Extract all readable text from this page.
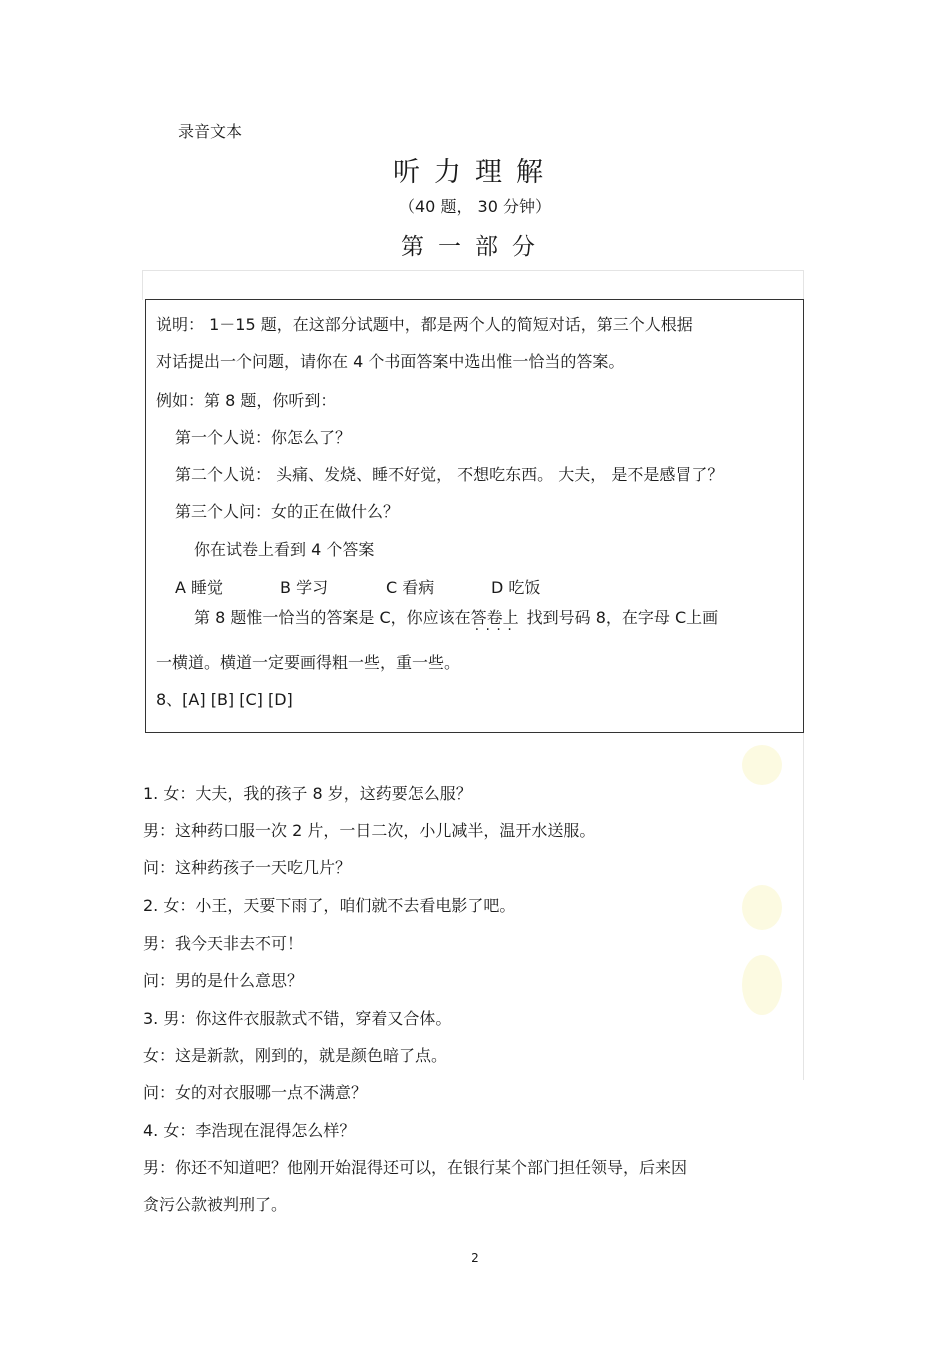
录音文本
听力理解
（40 题， 30 分钟）
第一部分
说明： 1－15 题，在这部分试题中，都是两个人的简短对话，第三个人根据
对话提出一个问题，请你在 4 个书面答案中选出惟一恰当的答案。
例如：第 8 题，你听到：
第一个人说：你怎么了？
第二个人说： 头痛、发烧、睡不好觉， 不想吃东西。 大夫， 是不是感冒了？
第三个人问：女的正在做什么？
你在试卷上看到 4 个答案
A 睡觉	B 学习	C 看病	D 吃饭
第 8 题惟一恰当的答案是 C，你应该在答卷上 · · 找到号码 8，在字母 C上画
一横道。横道一定要画得粗一些，重一些。
8、[A] [B] [C] [D]
1. 女：大夫，我的孩子 8 岁，这药要怎么服？
男：这种药口服一次 2 片，一日二次，小儿减半，温开水送服。
问：这种药孩子一天吃几片？
2. 女：小王，天要下雨了，咱们就不去看电影了吧。
男：我今天非去不可！
问：男的是什么意思？
3. 男：你这件衣服款式不错，穿着又合体。
女：这是新款，刚到的，就是颜色暗了点。
问：女的对衣服哪一点不满意？
4. 女：李浩现在混得怎么样？
男：你还不知道吧？他刚开始混得还可以，在银行某个部门担任领导，后来因
贪污公款被判刑了。
2
